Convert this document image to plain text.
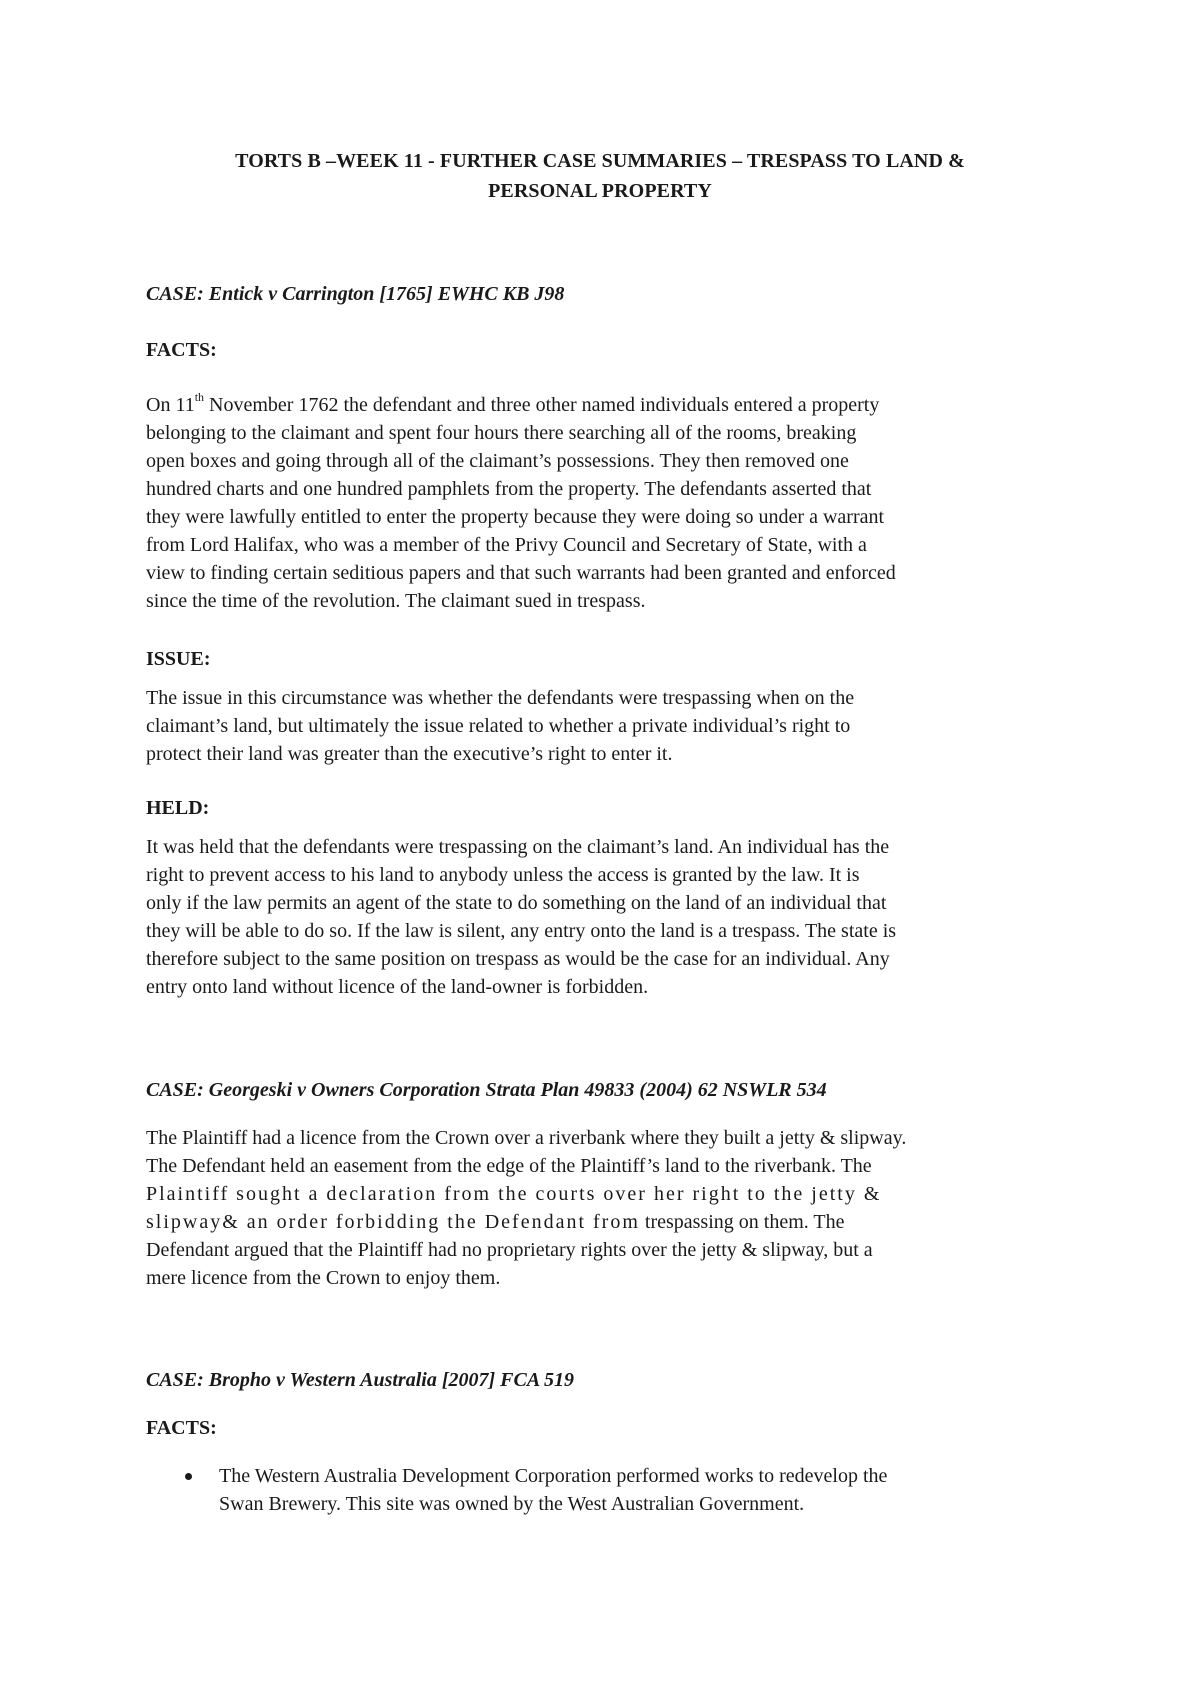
TORTS B –WEEK 11 - FURTHER CASE SUMMARIES – TRESPASS TO LAND &
PERSONAL PROPERTY
CASE: Entick v Carrington [1765] EWHC KB J98
FACTS:
On 11th November 1762 the defendant and three other named individuals entered a property
belonging to the claimant and spent four hours there searching all of the rooms, breaking
open boxes and going through all of the claimant’s possessions. They then removed one
hundred charts and one hundred pamphlets from the property. The defendants asserted that
they were lawfully entitled to enter the property because they were doing so under a warrant
from Lord Halifax, who was a member of the Privy Council and Secretary of State, with a
view to finding certain seditious papers and that such warrants had been granted and enforced
since the time of the revolution. The claimant sued in trespass.
ISSUE:
The issue in this circumstance was whether the defendants were trespassing when on the
claimant’s land, but ultimately the issue related to whether a private individual’s right to
protect their land was greater than the executive’s right to enter it.
HELD:
It was held that the defendants were trespassing on the claimant’s land. An individual has the
right to prevent access to his land to anybody unless the access is granted by the law. It is
only if the law permits an agent of the state to do something on the land of an individual that
they will be able to do so. If the law is silent, any entry onto the land is a trespass. The state is
therefore subject to the same position on trespass as would be the case for an individual. Any
entry onto land without licence of the land-owner is forbidden.
CASE: Georgeski v Owners Corporation Strata Plan 49833 (2004) 62 NSWLR 534
The Plaintiff had a licence from the Crown over a riverbank where they built a jetty & slipway.
The Defendant held an easement from the edge of the Plaintiff’s land to the riverbank. The
Plaintiff sought a declaration from the courts over her right to the jetty &
slipway& an order forbidding the Defendant from trespassing on them. The
Defendant argued that the Plaintiff had no proprietary rights over the jetty & slipway, but a
mere licence from the Crown to enjoy them.
CASE: Bropho v Western Australia [2007] FCA 519
FACTS:
The Western Australia Development Corporation performed works to redevelop the
Swan Brewery. This site was owned by the West Australian Government.
